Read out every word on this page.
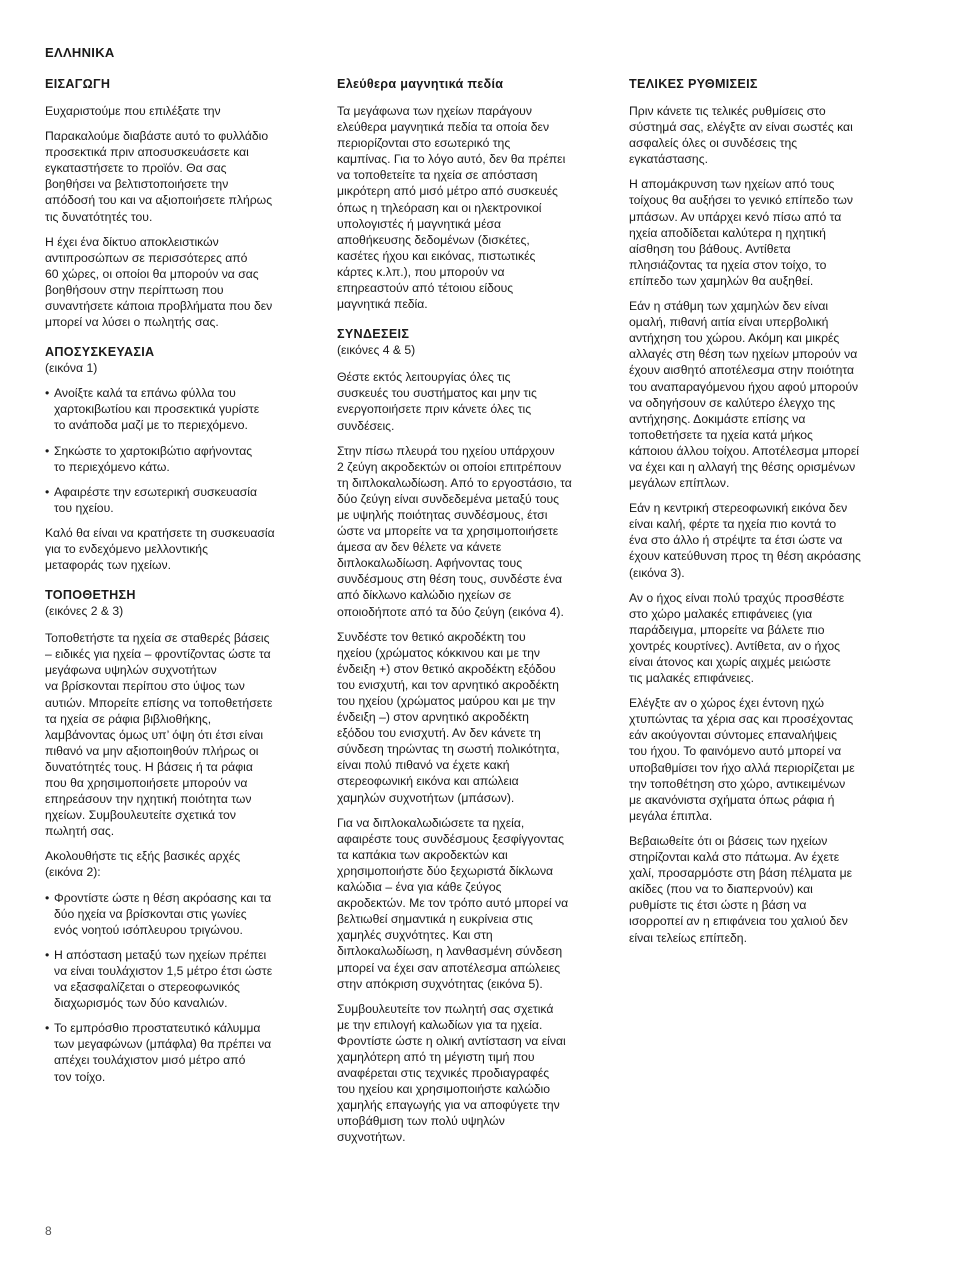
ΕΛΛΗΝΙΚΑ
ΕΙΣΑΓΩΓΗ

Ευχαριστούμε που επιλέξατε την

Παρακαλούμε διαβάστε αυτό το φυλλάδιο
προσεκτικά πριν αποσυσκευάσετε και
εγκαταστήσετε το προϊόν. Θα σας
βοηθήσει να βελτιστοποιήσετε την
απόδοσή του και να αξιοποιήσετε πλήρως
τις δυνατότητές του.

Η έχει ένα δίκτυο αποκλειστικών
αντιπροσώπων σε περισσότερες από
60 χώρες, οι οποίοι θα μπορούν να σας
βοηθήσουν στην περίπτωση που
συναντήσετε κάποια προβλήματα που δεν
μπορεί να λύσει ο πωλητής σας.

ΑΠΟΣΥΣΚΕΥΑΣΙΑ

(εικόνα 1)

• Ανοίξτε καλά τα επάνω φύλλα του
χαρτοκιβωτίου και προσεκτικά γυρίστε
το ανάποδα μαζί με το περιεχόμενο.

• Σηκώστε το χαρτοκιβώτιο αφήνοντας
το περιεχόμενο κάτω.

• Αφαιρέστε την εσωτερική συσκευασία
του ηχείου.

Καλό θα είναι να κρατήσετε τη συσκευασία
για το ενδεχόμενο μελλοντικής
μεταφοράς των ηχείων.

ΤΟΠΟΘΕΤΗΣΗ

(εικόνες 2 & 3)

Τοποθετήστε τα ηχεία σε σταθερές βάσεις
– ειδικές για ηχεία – φροντίζοντας ώστε τα
μεγάφωνα υψηλών συχνοτήτων
να βρίσκονται περίπου στο ύψος των
αυτιών. Μπορείτε επίσης να τοποθετήσετε
τα ηχεία σε ράφια βιβλιοθήκης,
λαμβάνοντας όμως υπ’ όψη ότι έτσι είναι
πιθανό να μην αξιοποιηθούν πλήρως οι
δυνατότητές τους. Η βάσεις ή τα ράφια
που θα χρησιμοποιήσετε μπορούν να
επηρεάσουν την ηχητική ποιότητα των
ηχείων. Συμβουλευτείτε σχετικά τον
πωλητή σας.

Ακολουθήστε τις εξής βασικές αρχές
(εικόνα 2):

• Φροντίστε ώστε η θέση ακρόασης και τα
δύο ηχεία να βρίσκονται στις γωνίες
ενός νοητού ισόπλευρου τριγώνου.

• Η απόσταση μεταξύ των ηχείων πρέπει
να είναι τουλάχιστον 1,5 μέτρο έτσι ώστε
να εξασφαλίζεται ο στερεοφωνικός
διαχωρισμός των δύο καναλιών.

• Το εμπρόσθιο προστατευτικό κάλυμμα
των μεγαφώνων (μπάφλα) θα πρέπει να
απέχει τουλάχιστον μισό μέτρο από
τον τοίχο.

Ελεύθερα μαγνητικά πεδία

Τα μεγάφωνα των ηχείων παράγουν
ελεύθερα μαγνητικά πεδία τα οποία δεν
περιορίζονται στο εσωτερικό της
καμπίνας. Για το λόγο αυτό, δεν θα πρέπει
να τοποθετείτε τα ηχεία σε απόσταση
μικρότερη από μισό μέτρο από συσκευές
όπως η τηλεόραση και οι ηλεκτρονικοί
υπολογιστές ή μαγνητικά μέσα
αποθήκευσης δεδομένων (δισκέτες,
κασέτες ήχου και εικόνας, πιστωτικές
κάρτες κ.λπ.), που μπορούν να
επηρεαστούν από τέτοιου είδους
μαγνητικά πεδία.

ΣΥΝΔΕΣΕΙΣ

(εικόνες 4 & 5)

Θέστε εκτός λειτουργίας όλες τις
συσκευές του συστήματος και μην τις
ενεργοποιήσετε πριν κάνετε όλες τις
συνδέσεις.

Στην πίσω πλευρά του ηχείου υπάρχουν
2 ζεύγη ακροδεκτών οι οποίοι επιτρέπουν
τη διπλοκαλωδίωση. Από το εργοστάσιο, τα
δύο ζεύγη είναι συνδεδεμένα μεταξύ τους
με υψηλής ποιότητας συνδέσμους, έτσι
ώστε να μπορείτε να τα χρησιμοποιήσετε
άμεσα αν δεν θέλετε να κάνετε
διπλοκαλωδίωση. Αφήνοντας τους
συνδέσμους στη θέση τους, συνδέστε ένα
από δίκλωνο καλώδιο ηχείων σε
οποιοδήποτε από τα δύο ζεύγη (εικόνα 4).

Συνδέστε τον θετικό ακροδέκτη του
ηχείου (χρώματος κόκκινου και με την
ένδειξη +) στον θετικό ακροδέκτη εξόδου
του ενισχυτή, και τον αρνητικό ακροδέκτη
του ηχείου (χρώματος μαύρου και με την
ένδειξη –) στον αρνητικό ακροδέκτη
εξόδου του ενισχυτή. Αν δεν κάνετε τη
σύνδεση τηρώντας τη σωστή πολικότητα,
είναι πολύ πιθανό να έχετε κακή
στερεοφωνική εικόνα και απώλεια
χαμηλών συχνοτήτων (μπάσων).

Για να διπλοκαλωδιώσετε τα ηχεία,
αφαιρέστε τους συνδέσμους ξεσφίγγοντας
τα καπάκια των ακροδεκτών και
χρησιμοποιήστε δύο ξεχωριστά δίκλωνα
καλώδια – ένα για κάθε ζεύγος
ακροδεκτών. Με τον τρόπο αυτό μπορεί να
βελτιωθεί σημαντικά η ευκρίνεια στις
χαμηλές συχνότητες. Και στη
διπλοκαλωδίωση, η λανθασμένη σύνδεση
μπορεί να έχει σαν αποτέλεσμα απώλειες
στην απόκριση συχνότητας (εικόνα 5).

Συμβουλευτείτε τον πωλητή σας σχετικά
με την επιλογή καλωδίων για τα ηχεία.
Φροντίστε ώστε η ολική αντίσταση να είναι
χαμηλότερη από τη μέγιστη τιμή που
αναφέρεται στις τεχνικές προδιαγραφές
του ηχείου και χρησιμοποιήστε καλώδιο
χαμηλής επαγωγής για να αποφύγετε την
υποβάθμιση των πολύ υψηλών
συχνοτήτων.

ΤΕΛΙΚΕΣ ΡΥΘΜΙΣΕΙΣ

Πριν κάνετε τις τελικές ρυθμίσεις στο
σύστημά σας, ελέγξτε αν είναι σωστές και
ασφαλείς όλες οι συνδέσεις της
εγκατάστασης.

Η απομάκρυνση των ηχείων από τους
τοίχους θα αυξήσει το γενικό επίπεδο των
μπάσων. Αν υπάρχει κενό πίσω από τα
ηχεία αποδίδεται καλύτερα η ηχητική
αίσθηση του βάθους. Αντίθετα
πλησιάζοντας τα ηχεία στον τοίχο, το
επίπεδο των χαμηλών θα αυξηθεί.

Εάν η στάθμη των χαμηλών δεν είναι
ομαλή, πιθανή αιτία είναι υπερβολική
αντήχηση του χώρου. Ακόμη και μικρές
αλλαγές στη θέση των ηχείων μπορούν να
έχουν αισθητό αποτέλεσμα στην ποιότητα
του αναπαραγόμενου ήχου αφού μπορούν
να οδηγήσουν σε καλύτερο έλεγχο της
αντήχησης. Δοκιμάστε επίσης να
τοποθετήσετε τα ηχεία κατά μήκος
κάποιου άλλου τοίχου. Αποτέλεσμα μπορεί
να έχει και η αλλαγή της θέσης ορισμένων
μεγάλων επίπλων.

Εάν η κεντρική στερεοφωνική εικόνα δεν
είναι καλή, φέρτε τα ηχεία πιο κοντά το
ένα στο άλλο ή στρέψτε τα έτσι ώστε να
έχουν κατεύθυνση προς τη θέση ακρόασης
(εικόνα 3).

Αν ο ήχος είναι πολύ τραχύς προσθέστε
στο χώρο μαλακές επιφάνειες (για
παράδειγμα, μπορείτε να βάλετε πιο
χοντρές κουρτίνες). Αντίθετα, αν ο ήχος
είναι άτονος και χωρίς αιχμές μειώστε
τις μαλακές επιφάνειες.

Ελέγξτε αν ο χώρος έχει έντονη ηχώ
χτυπώντας τα χέρια σας και προσέχοντας
εάν ακούγονται σύντομες επαναλήψεις
του ήχου. Το φαινόμενο αυτό μπορεί να
υποβαθμίσει τον ήχο αλλά περιορίζεται με
την τοποθέτηση στο χώρο, αντικειμένων
με ακανόνιστα σχήματα όπως ράφια ή
μεγάλα έπιπλα.

Βεβαιωθείτε ότι οι βάσεις των ηχείων
στηρίζονται καλά στο πάτωμα. Αν έχετε
χαλί, προσαρμόστε στη βάση πέλματα με
ακίδες (που να το διαπερνούν) και
ρυθμίστε τις έτσι ώστε η βάση να
ισορροπεί αν η επιφάνεια του χαλιού δεν
είναι τελείως επίπεδη.

8
